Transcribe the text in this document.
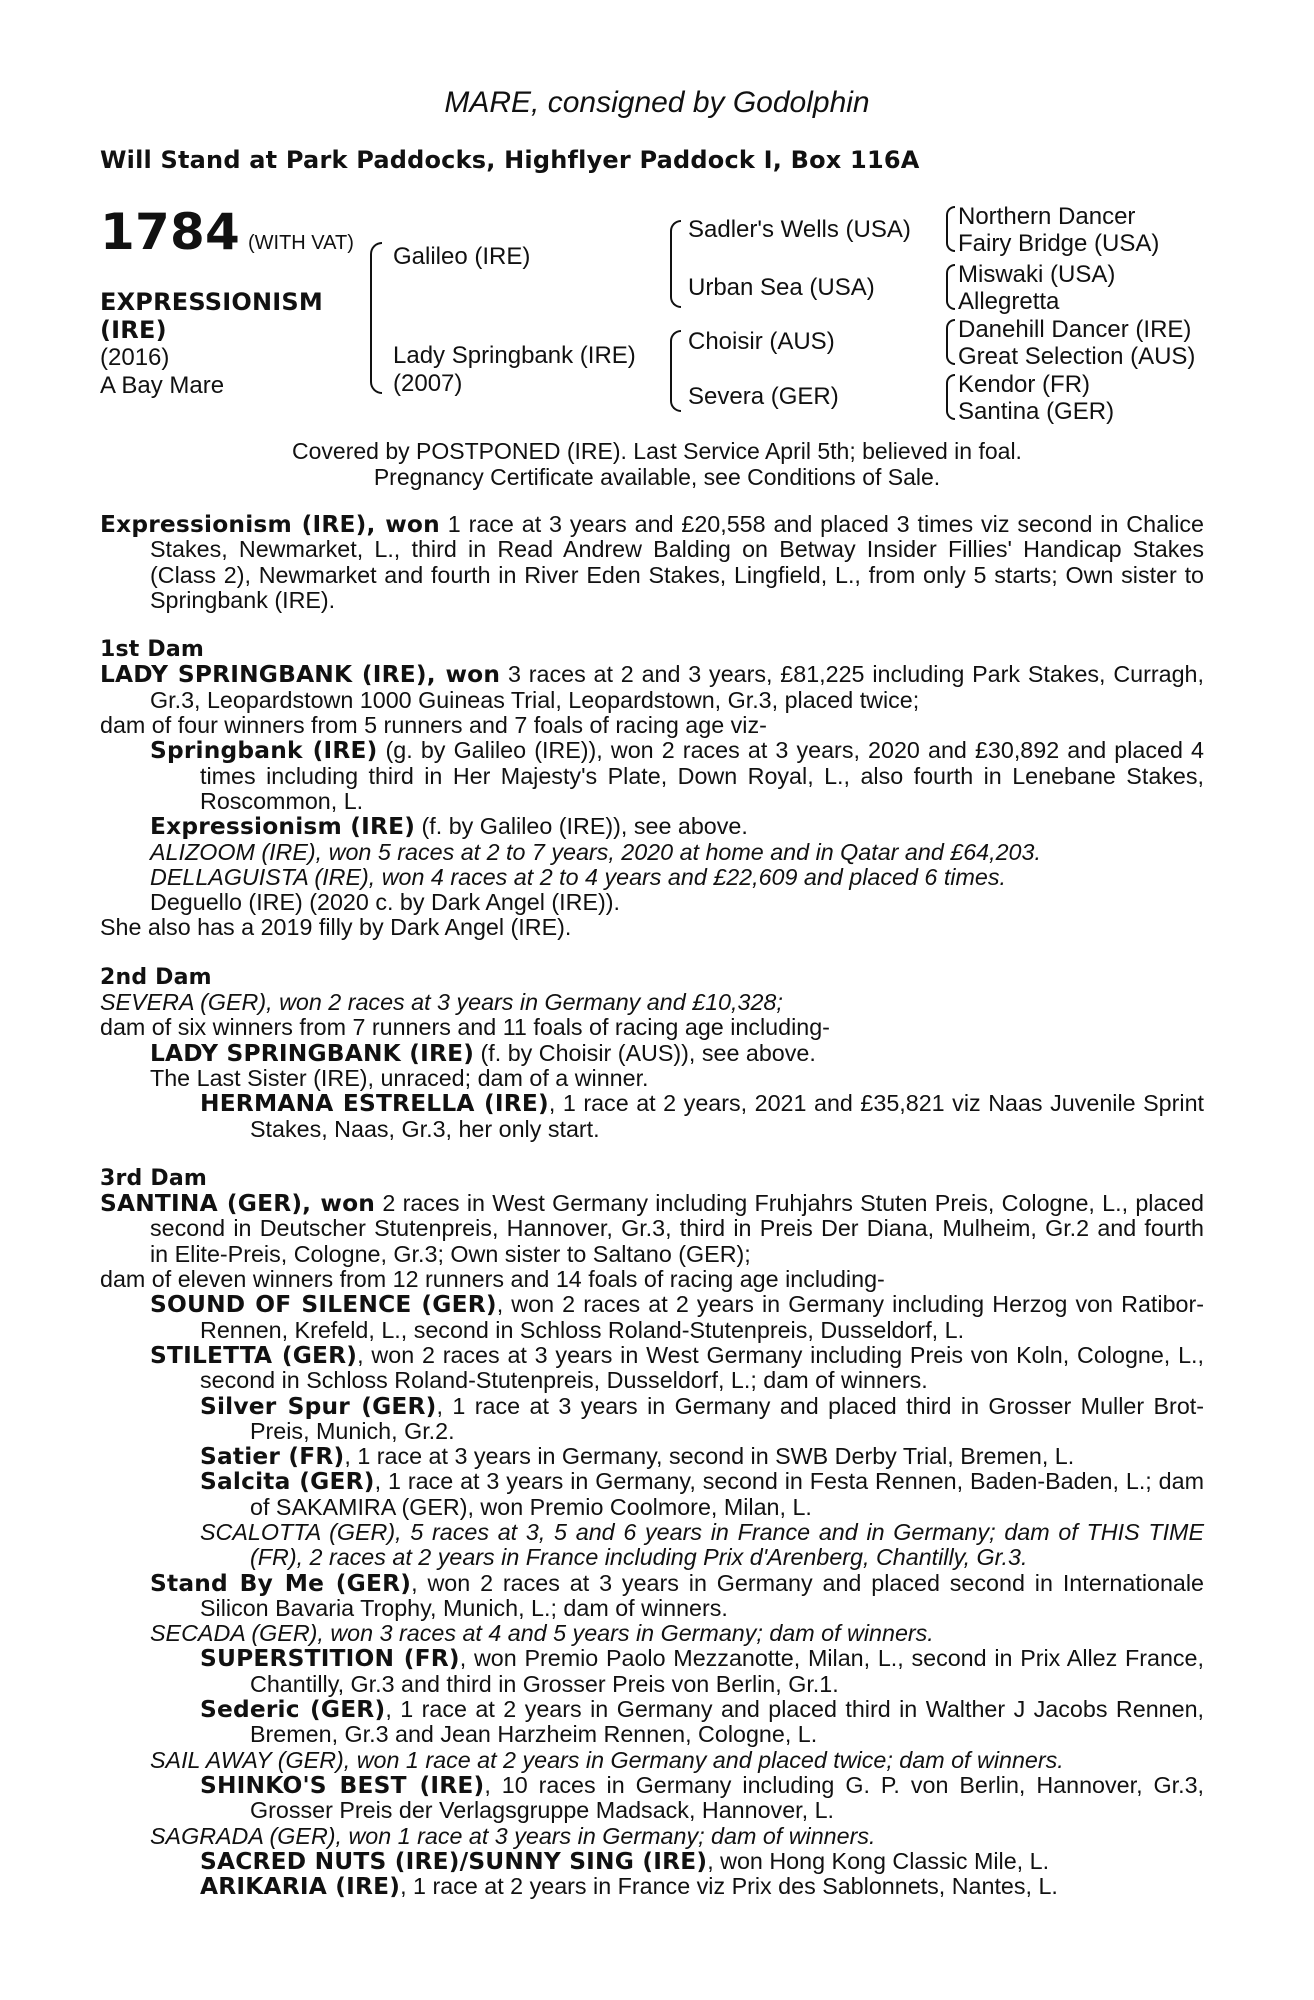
MARE, consigned by Godolphin
Will Stand at Park Paddocks, Highflyer Paddock I, Box 116A
1784 (WITH VAT)
EXPRESSIONISM
(IRE)
(2016)
A Bay Mare
Galileo (IRE)
Lady Springbank (IRE)
(2007)
Sadler's Wells (USA)
Urban Sea (USA)
Choisir (AUS)
Severa (GER)
Northern Dancer
Fairy Bridge (USA)
Miswaki (USA)
Allegretta
Danehill Dancer (IRE)
Great Selection (AUS)
Kendor (FR)
Santina (GER)
Covered by POSTPONED (IRE). Last Service April 5th; believed in foal.
Pregnancy Certificate available, see Conditions of Sale.

Expressionism (IRE), won 1 race at 3 years and £20,558 and placed 3 times viz second in Chalice Stakes, Newmarket, L., third in Read Andrew Balding on Betway Insider Fillies' Handicap Stakes (Class 2), Newmarket and fourth in River Eden Stakes, Lingfield, L., from only 5 starts; Own sister to Springbank (IRE).

1st Dam

LADY SPRINGBANK (IRE), won 3 races at 2 and 3 years, £81,225 including Park Stakes, Curragh, Gr.3, Leopardstown 1000 Guineas Trial, Leopardstown, Gr.3, placed twice;

dam of four winners from 5 runners and 7 foals of racing age viz-

Springbank (IRE) (g. by Galileo (IRE)), won 2 races at 3 years, 2020 and £30,892 and placed 4 times including third in Her Majesty's Plate, Down Royal, L., also fourth in Lenebane Stakes, Roscommon, L.

Expressionism (IRE) (f. by Galileo (IRE)), see above.

ALIZOOM (IRE), won 5 races at 2 to 7 years, 2020 at home and in Qatar and £64,203.

DELLAGUISTA (IRE), won 4 races at 2 to 4 years and £22,609 and placed 6 times.

Deguello (IRE) (2020 c. by Dark Angel (IRE)).

She also has a 2019 filly by Dark Angel (IRE).

2nd Dam

SEVERA (GER), won 2 races at 3 years in Germany and £10,328;

dam of six winners from 7 runners and 11 foals of racing age including-

LADY SPRINGBANK (IRE) (f. by Choisir (AUS)), see above.

The Last Sister (IRE), unraced; dam of a winner.

HERMANA ESTRELLA (IRE), 1 race at 2 years, 2021 and £35,821 viz Naas Juvenile Sprint Stakes, Naas, Gr.3, her only start.

3rd Dam

SANTINA (GER), won 2 races in West Germany including Fruhjahrs Stuten Preis, Cologne, L., placed second in Deutscher Stutenpreis, Hannover, Gr.3, third in Preis Der Diana, Mulheim, Gr.2 and fourth in Elite-Preis, Cologne, Gr.3; Own sister to Saltano (GER);

dam of eleven winners from 12 runners and 14 foals of racing age including-

SOUND OF SILENCE (GER), won 2 races at 2 years in Germany including Herzog von Ratibor-Rennen, Krefeld, L., second in Schloss Roland-Stutenpreis, Dusseldorf, L.

STILETTA (GER), won 2 races at 3 years in West Germany including Preis von Koln, Cologne, L., second in Schloss Roland-Stutenpreis, Dusseldorf, L.; dam of winners.

Silver Spur (GER), 1 race at 3 years in Germany and placed third in Grosser Muller Brot-Preis, Munich, Gr.2.

Satier (FR), 1 race at 3 years in Germany, second in SWB Derby Trial, Bremen, L.

Salcita (GER), 1 race at 3 years in Germany, second in Festa Rennen, Baden-Baden, L.; dam of SAKAMIRA (GER), won Premio Coolmore, Milan, L.

SCALOTTA (GER), 5 races at 3, 5 and 6 years in France and in Germany; dam of THIS TIME (FR), 2 races at 2 years in France including Prix d'Arenberg, Chantilly, Gr.3.

Stand By Me (GER), won 2 races at 3 years in Germany and placed second in Internationale Silicon Bavaria Trophy, Munich, L.; dam of winners.

SECADA (GER), won 3 races at 4 and 5 years in Germany; dam of winners.

SUPERSTITION (FR), won Premio Paolo Mezzanotte, Milan, L., second in Prix Allez France, Chantilly, Gr.3 and third in Grosser Preis von Berlin, Gr.1.

Sederic (GER), 1 race at 2 years in Germany and placed third in Walther J Jacobs Rennen, Bremen, Gr.3 and Jean Harzheim Rennen, Cologne, L.

SAIL AWAY (GER), won 1 race at 2 years in Germany and placed twice; dam of winners.

SHINKO'S BEST (IRE), 10 races in Germany including G. P. von Berlin, Hannover, Gr.3, Grosser Preis der Verlagsgruppe Madsack, Hannover, L.

SAGRADA (GER), won 1 race at 3 years in Germany; dam of winners.

SACRED NUTS (IRE)/SUNNY SING (IRE), won Hong Kong Classic Mile, L.

ARIKARIA (IRE), 1 race at 2 years in France viz Prix des Sablonnets, Nantes, L.
